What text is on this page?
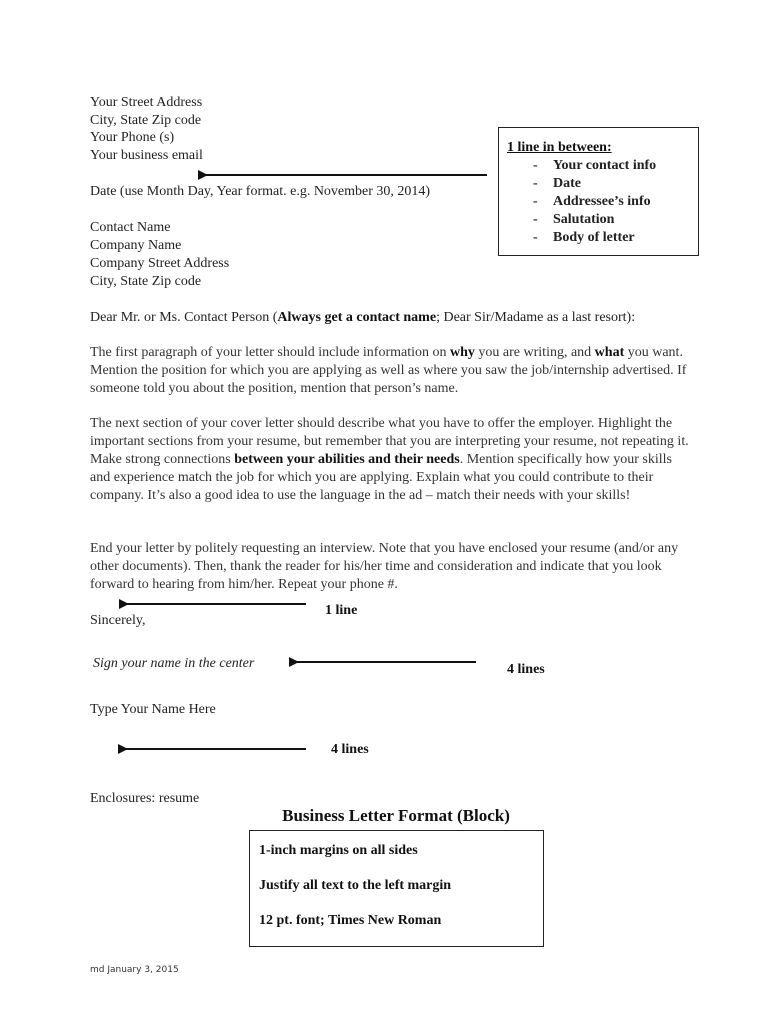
Your Street Address
City, State Zip code
Your Phone (s)
Your business email
Date (use Month Day, Year format. e.g. November 30, 2014)
Contact Name
Company Name
Company Street Address
City, State Zip code
Dear Mr. or Ms. Contact Person (Always get a contact name; Dear Sir/Madame as a last resort):
The first paragraph of your letter should include information on why you are writing, and what you want. Mention the position for which you are applying as well as where you saw the job/internship advertised. If someone told you about the position, mention that person’s name.
The next section of your cover letter should describe what you have to offer the employer. Highlight the important sections from your resume, but remember that you are interpreting your resume, not repeating it. Make strong connections between your abilities and their needs. Mention specifically how your skills and experience match the job for which you are applying. Explain what you could contribute to their company. It’s also a good idea to use the language in the ad – match their needs with your skills!
End your letter by politely requesting an interview. Note that you have enclosed your resume (and/or any other documents). Then, thank the reader for his/her time and consideration and indicate that you look forward to hearing from him/her. Repeat your phone #.
Sincerely,
Sign your name in the center
Type Your Name Here
Enclosures: resume
1 line in between:
- Your contact info
- Date
- Addressee’s info
- Salutation
- Body of letter
1 line
4 lines
4 lines
Business Letter Format (Block)
1-inch margins on all sides
Justify all text to the left margin
12 pt. font; Times New Roman
md January 3, 2015
